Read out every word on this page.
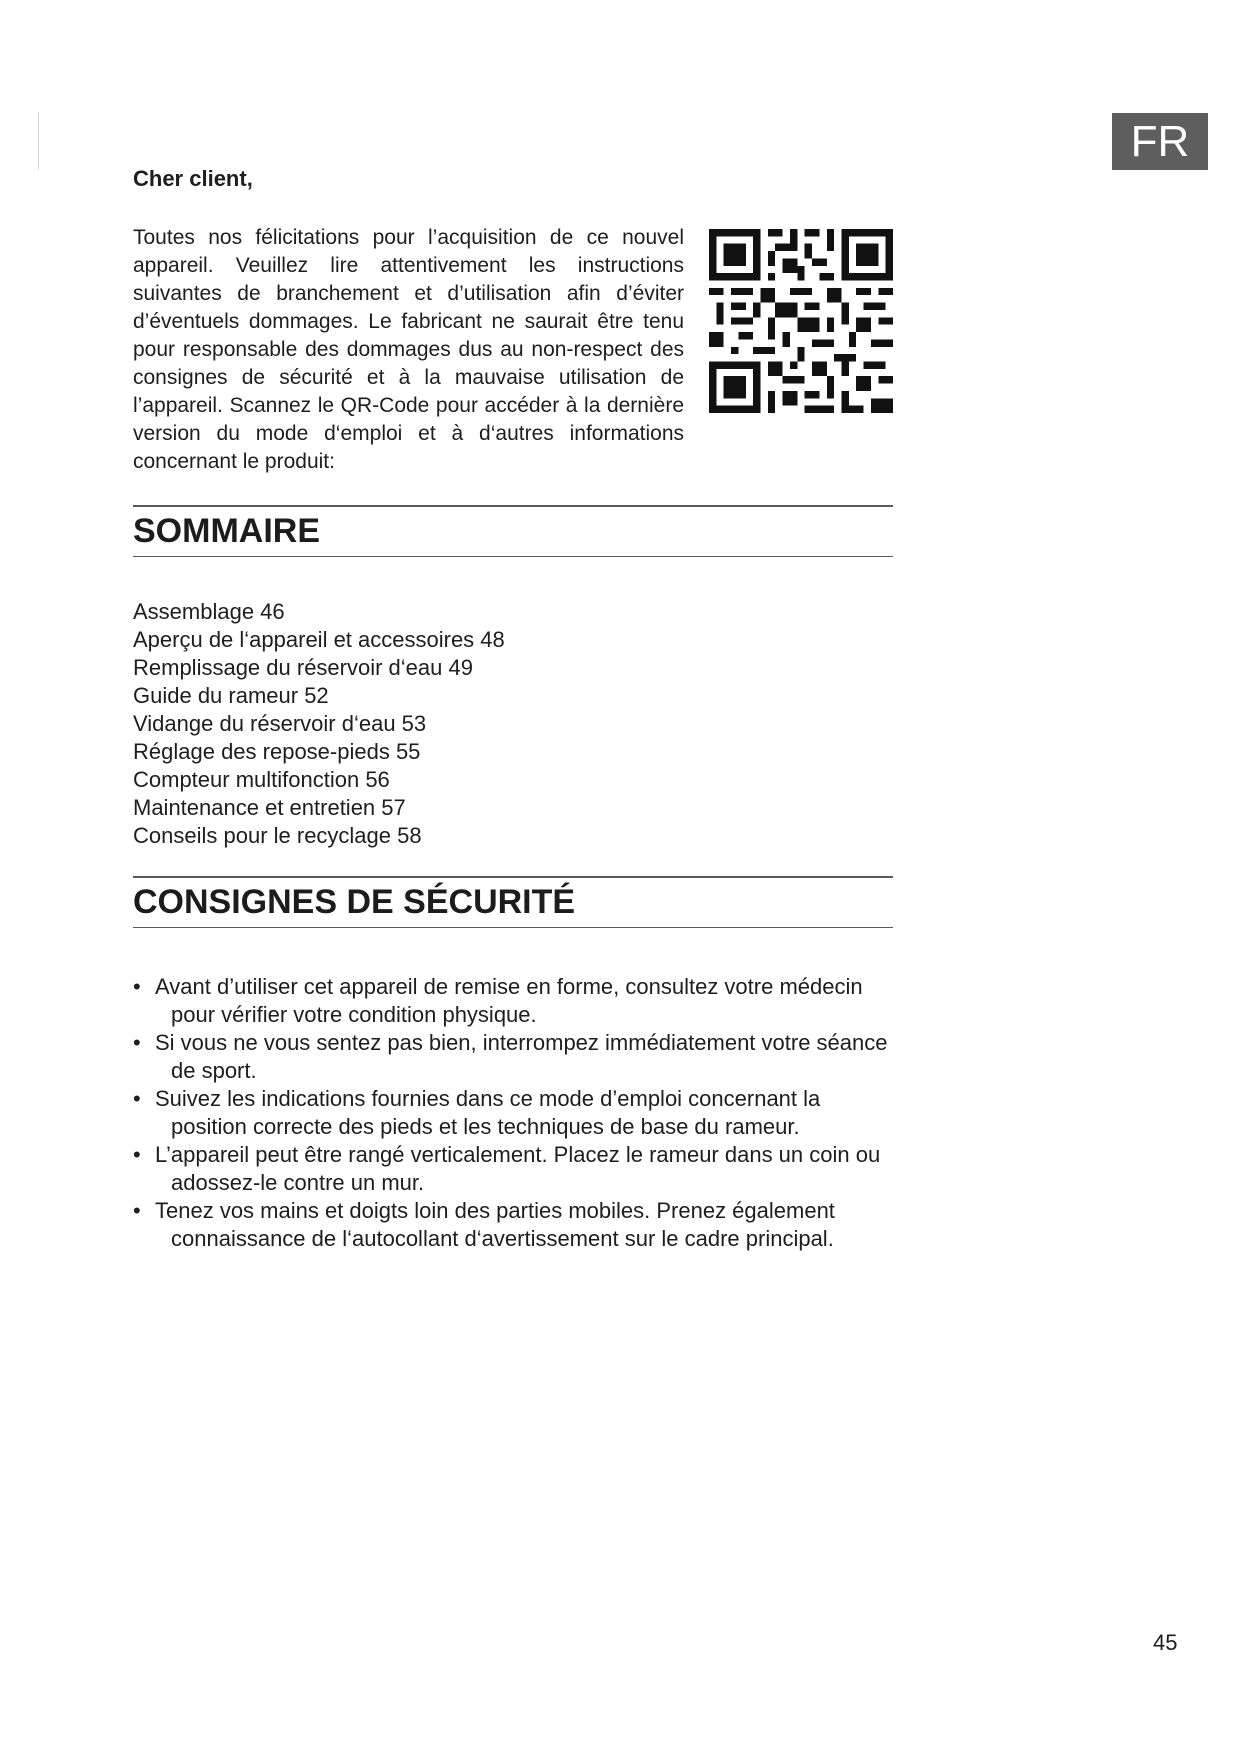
FR
Cher client,

Toutes nos félicitations pour l’acquisition de ce nouvel appareil. Veuillez lire attentivement les instructions suivantes de branchement et d’utilisation afin d’éviter d’éventuels dommages. Le fabricant ne saurait être tenu pour responsable des dommages dus au non-respect des consignes de sécurité et à la mauvaise utilisation de l’appareil. Scannez le QR-Code pour accéder à la dernière version du mode d‘emploi et à d‘autres informations concernant le produit:

SOMMAIRE
Assemblage 46
Aperçu de l‘appareil et accessoires 48
Remplissage du réservoir d‘eau 49
Guide du rameur 52
Vidange du réservoir d‘eau 53
Réglage des repose-pieds 55
Compteur multifonction 56
Maintenance et entretien 57
Conseils pour le recyclage 58
CONSIGNES DE SÉCURITÉ
• Avant d’utiliser cet appareil de remise en forme, consultez votre médecin pour vérifier votre condition physique.
• Si vous ne vous sentez pas bien, interrompez immédiatement votre séance de sport.
• Suivez les indications fournies dans ce mode d’emploi concernant la position correcte des pieds et les techniques de base du rameur.
• L’appareil peut être rangé verticalement. Placez le rameur dans un coin ou adossez-le contre un mur.
• Tenez vos mains et doigts loin des parties mobiles. Prenez également connaissance de l‘autocollant d‘avertissement sur le cadre principal.
45
